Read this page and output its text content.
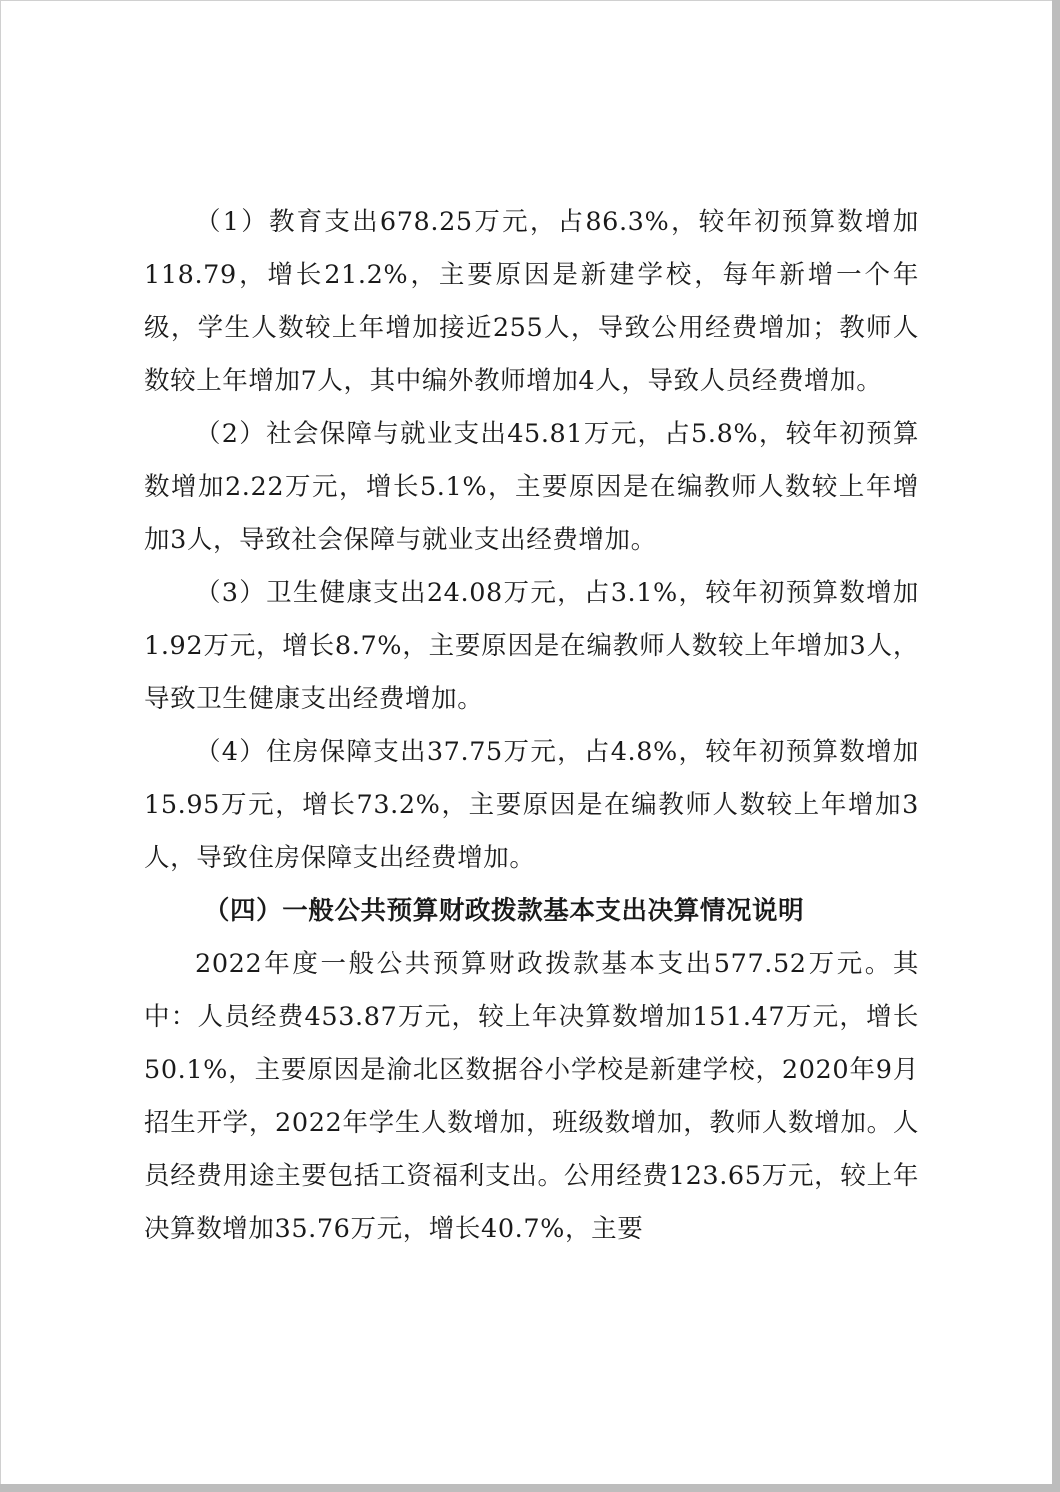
（1）教育支出678.25万元，占86.3%，较年初预算数增加118.79，增长21.2%，主要原因是新建学校，每年新增一个年级，学生人数较上年增加接近255人，导致公用经费增加；教师人数较上年增加7人，其中编外教师增加4人，导致人员经费增加。

（2）社会保障与就业支出45.81万元，占5.8%，较年初预算数增加2.22万元，增长5.1%，主要原因是在编教师人数较上年增加3人，导致社会保障与就业支出经费增加。

（3）卫生健康支出24.08万元，占3.1%，较年初预算数增加1.92万元，增长8.7%，主要原因是在编教师人数较上年增加3人，导致卫生健康支出经费增加。

（4）住房保障支出37.75万元，占4.8%，较年初预算数增加15.95万元，增长73.2%，主要原因是在编教师人数较上年增加3人，导致住房保障支出经费增加。

（四）一般公共预算财政拨款基本支出决算情况说明

2022年度一般公共预算财政拨款基本支出577.52万元。其中：人员经费453.87万元，较上年决算数增加151.47万元，增长50.1%，主要原因是渝北区数据谷小学校是新建学校，2020年9月招生开学，2022年学生人数增加，班级数增加，教师人数增加。人员经费用途主要包括工资福利支出。公用经费123.65万元，较上年决算数增加35.76万元，增长40.7%，主要
